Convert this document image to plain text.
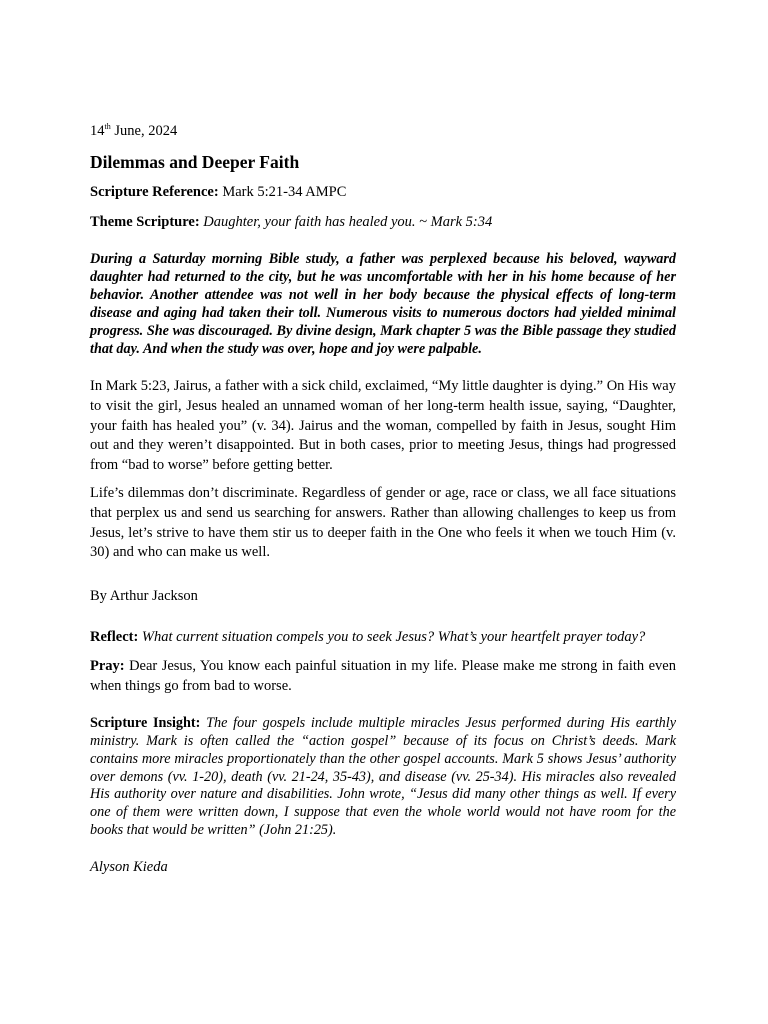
14th June, 2024

Dilemmas and Deeper Faith

Scripture Reference: Mark 5:21-34 AMPC

Theme Scripture: Daughter, your faith has healed you. ~ Mark 5:34

During a Saturday morning Bible study, a father was perplexed because his beloved, wayward daughter had returned to the city, but he was uncomfortable with her in his home because of her behavior. Another attendee was not well in her body because the physical effects of long-term disease and aging had taken their toll. Numerous visits to numerous doctors had yielded minimal progress. She was discouraged. By divine design, Mark chapter 5 was the Bible passage they studied that day. And when the study was over, hope and joy were palpable.

In Mark 5:23, Jairus, a father with a sick child, exclaimed, “My little daughter is dying.” On His way to visit the girl, Jesus healed an unnamed woman of her long-term health issue, saying, “Daughter, your faith has healed you” (v. 34). Jairus and the woman, compelled by faith in Jesus, sought Him out and they weren’t disappointed. But in both cases, prior to meeting Jesus, things had progressed from “bad to worse” before getting better.

Life’s dilemmas don’t discriminate. Regardless of gender or age, race or class, we all face situations that perplex us and send us searching for answers. Rather than allowing challenges to keep us from Jesus, let’s strive to have them stir us to deeper faith in the One who feels it when we touch Him (v. 30) and who can make us well.

By Arthur Jackson

Reflect: What current situation compels you to seek Jesus? What’s your heartfelt prayer today?

Pray: Dear Jesus, You know each painful situation in my life. Please make me strong in faith even when things go from bad to worse.

Scripture Insight: The four gospels include multiple miracles Jesus performed during His earthly ministry. Mark is often called the “action gospel” because of its focus on Christ’s deeds. Mark contains more miracles proportionately than the other gospel accounts. Mark 5 shows Jesus’ authority over demons (vv. 1-20), death (vv. 21-24, 35-43), and disease (vv. 25-34). His miracles also revealed His authority over nature and disabilities. John wrote, “Jesus did many other things as well. If every one of them were written down, I suppose that even the whole world would not have room for the books that would be written” (John 21:25).

Alyson Kieda
